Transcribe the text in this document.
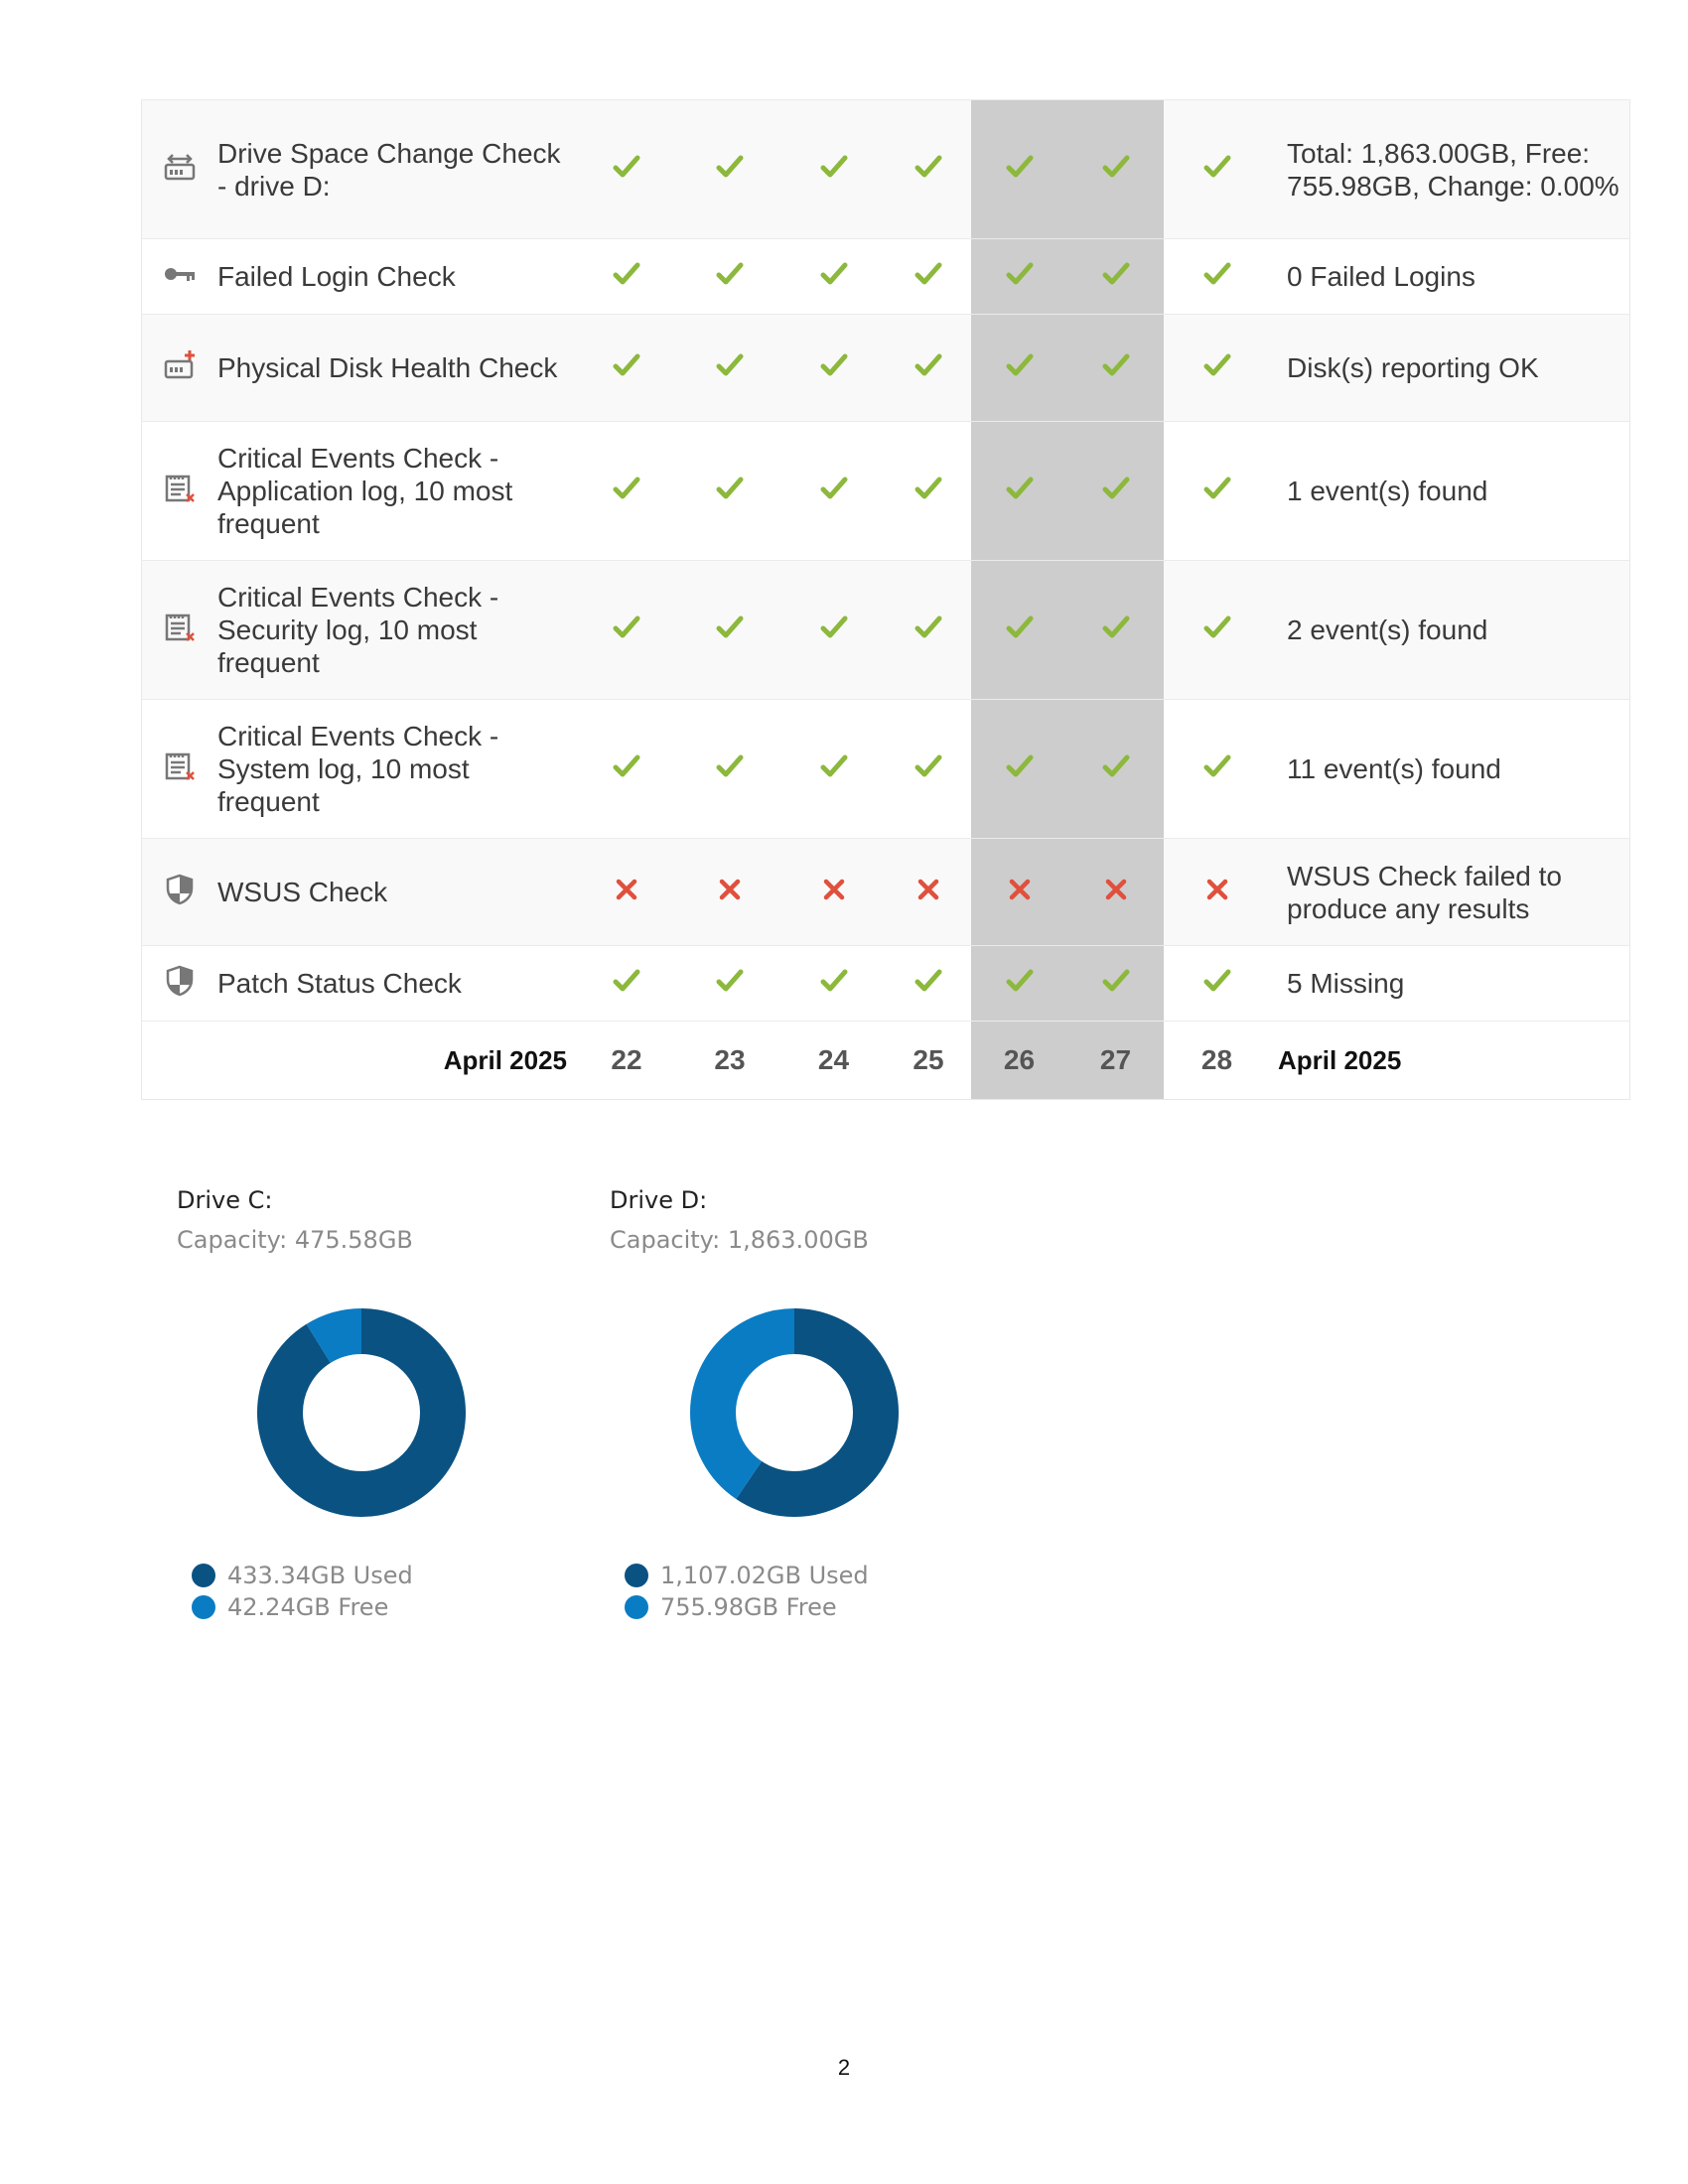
	Drive Space Change Check - drive D:								Total: 1,863.00GB, Free: 755.98GB, Change: 0.00%
	Failed Login Check								0 Failed Logins
	Physical Disk Health Check								Disk(s) reporting OK
	Critical Events Check - Application log, 10 most frequent								1 event(s) found
	Critical Events Check - Security log, 10 most frequent								2 event(s) found
	Critical Events Check - System log, 10 most frequent								11 event(s) found
	WSUS Check								WSUS Check failed to produce any results
	Patch Status Check								5 Missing
	April 2025	22	23	24	25	26	27	28	April 2025
Drive C:
Capacity: 475.58GB
433.34GB Used
42.24GB Free
Drive D:
Capacity: 1,863.00GB
1,107.02GB Used
755.98GB Free
2
